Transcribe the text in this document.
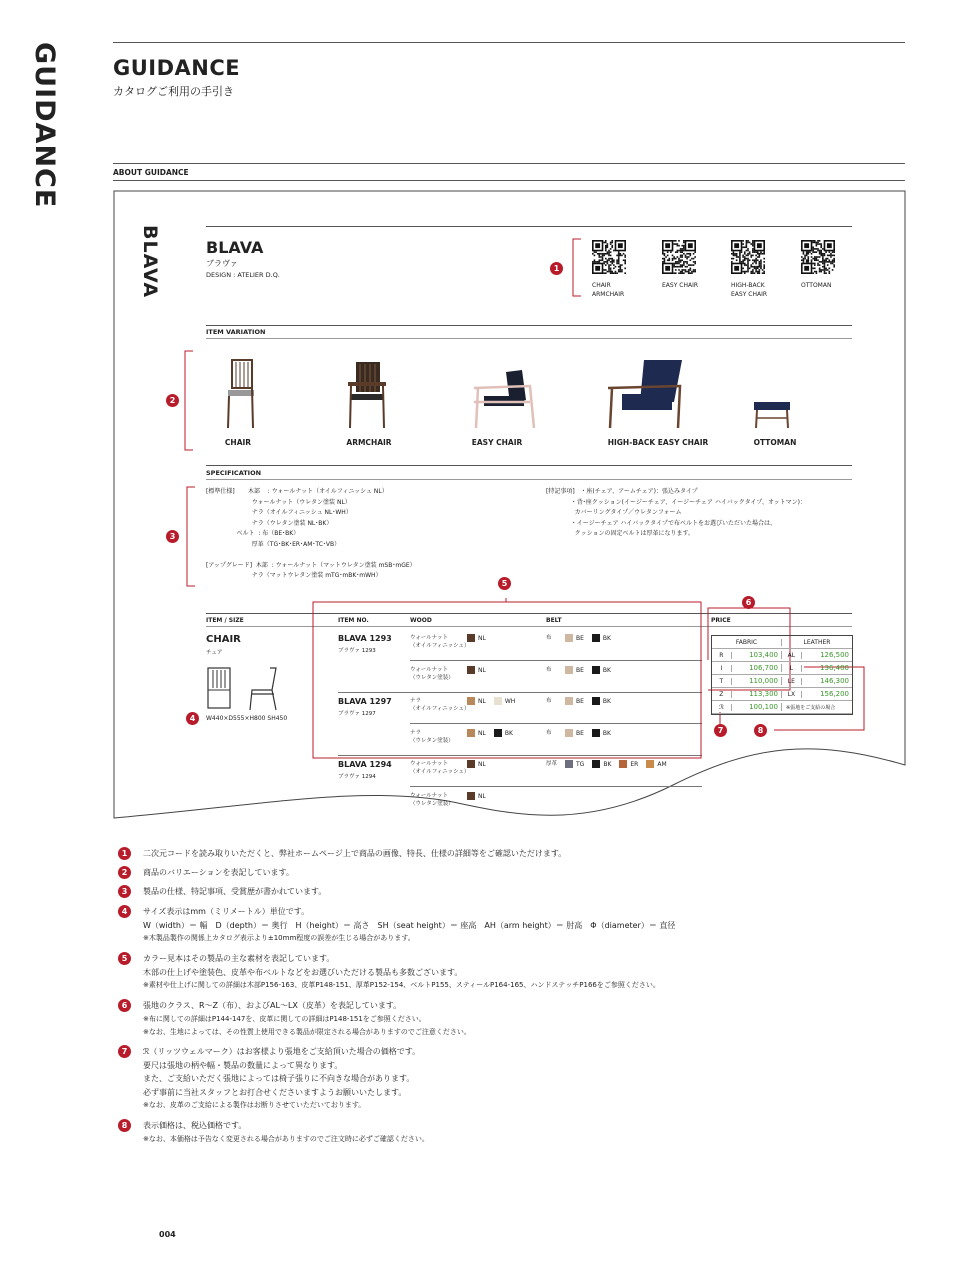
GUIDANCE	GUIDANCE
カタログご利用の手引き
ABOUT GUIDANCE
BLAVA	BLAVA
ブラヴァ
DESIGN : ATELIER D.Q.
1
CHAIR
ARMCHAIR
EASY CHAIR	HIGH-BACK
EASY CHAIR
OTTOMAN
ITEM VARIATION
2
CHAIR	ARMCHAIR	EASY CHAIR	HIGH-BACK EASY CHAIR	OTTOMAN
SPECIFICATION
3
[標準仕様]       木部    : ウォールナット（オイルフィニッシュ NL）
ウォールナット（ウレタン塗装 NL）
ナラ（オイルフィニッシュ NL･WH）
ナラ（ウレタン塗装 NL･BK）
ベルト  : 布（BE･BK）
厚革（TG･BK･ER･AM･TC･VB）

[アップグレード]  木部  : ウォールナット（マットウレタン塗装 mSB･mGE）
ナラ（マットウレタン塗装 mTG･mBK･mWH）
[特記事項]   ・座(チェア、アームチェア)：張込みタイプ
・背･座クッション(イージーチェア、イージーチェア ハイバックタイプ、オットマン)：
カバーリングタイプ／ウレタンフォーム
・イージーチェア ハイバックタイプで布ベルトをお選びいただいた場合は、
クッションの固定ベルトは厚革になります。
ITEM / SIZE	ITEM NO.	WOOD	BELT	PRICE
CHAIR
チェア
W440×D555×H800 SH450
4
BLAVA 1293
ブラヴァ 1293
ウォールナット
（オイルフィニッシュ）
NL	布	BE	BK
ウォールナット
（ウレタン塗装）
NL	布	BE	BK
BLAVA 1297
ブラヴァ 1297
ナラ
（オイルフィニッシュ）
NL	WH	布	BE	BK
ナラ
（ウレタン塗装）
NL	BK	布	BE	BK
BLAVA 1294
ブラヴァ 1294
ウォールナット
（オイルフィニッシュ）
NL	厚革	TG	BK	ER	AM
ウォールナット
（ウレタン塗装）
NL
5
6
FABRIC	LEATHER
R	103,400	AL	126,500
I	106,700	L	136,400
T	110,000	LE	146,300
Z	113,300	LX	156,200
ℛ	100,100	※張地をご支給の場合
7	8
1 二次元コードを読み取りいただくと、弊社ホームページ上で商品の画像、特長、仕様の詳細等をご確認いただけます。
2 商品のバリエーションを表記しています。
3 製品の仕様、特記事項、受賞歴が書かれています。
4 サイズ表示はmm（ミリメートル）単位です。
W（width）＝ 幅　D（depth）＝ 奥行　H（height）＝ 高さ　SH（seat height）＝ 座高　AH（arm height）＝ 肘高　Φ（diameter）＝ 直径
※木製品製作の関係上カタログ表示より±10mm程度の誤差が生じる場合があります。
5 カラー見本はその製品の主な素材を表記しています。
木部の仕上げや塗装色、皮革や布ベルトなどをお選びいただける製品も多数ございます。
※素材や仕上げに関しての詳細は木部P156-163、皮革P148-151、厚革P152-154、ベルトP155、スティールP164-165、ハンドステッチP166をご参照ください。
6 張地のクラス、R〜Z（布）、およびAL〜LX（皮革）を表記しています。
※布に関しての詳細はP144-147を、皮革に関しての詳細はP148-151をご参照ください。
※なお、生地によっては、その性質上使用できる製品が限定される場合がありますのでご注意ください。
7 ℛ（リッツウェルマーク）はお客様より張地をご支給頂いた場合の価格です。
要尺は張地の柄や幅・製品の数量によって異なります。
また、ご支給いただく張地によっては椅子張りに不向きな場合があります。
必ず事前に当社スタッフとお打合せくださいますようお願いいたします。
※なお、皮革のご支給による製作はお断りさせていただいております。
8 表示価格は、税込価格です。
※なお、本価格は予告なく変更される場合がありますのでご注文時に必ずご確認ください。
004
